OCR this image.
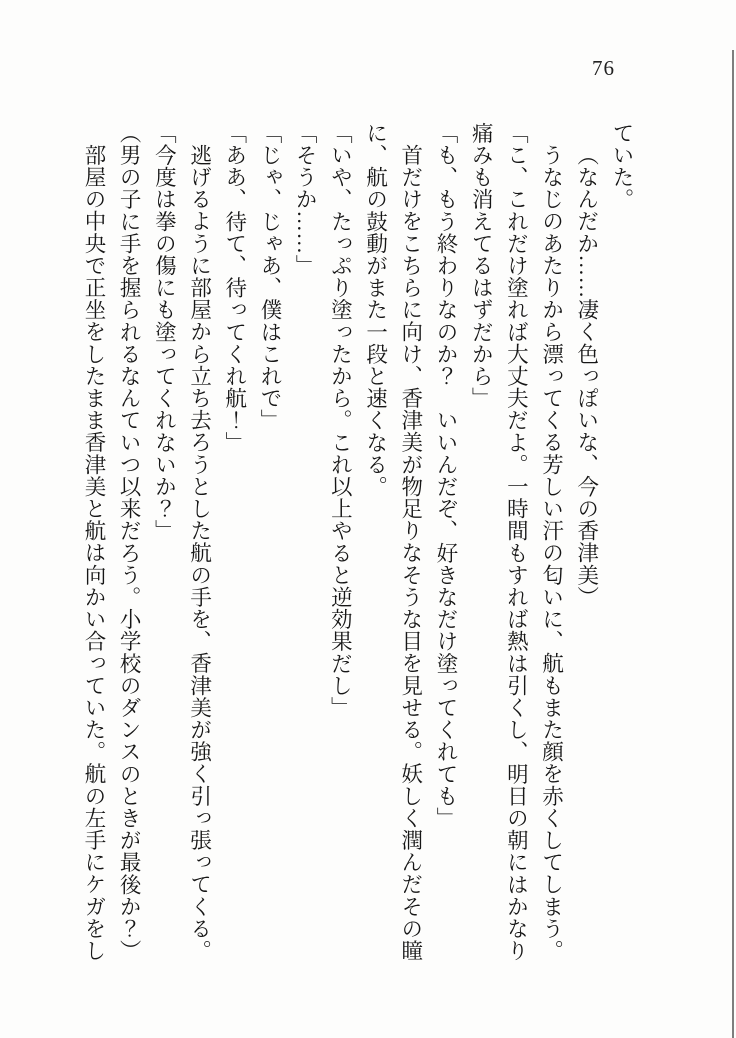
76

ていた。

（なんだか……凄く色っぽいな、今の香津美）

うなじのあたりから漂ってくる芳しい汗の匂いに、航もまた顔を赤くしてしまう。

「こ、これだけ塗れば大丈夫だよ。一時間もすれば熱は引くし、明日の朝にはかなり

痛みも消えてるはずだから」

「も、もう終わりなのか？　いいんだぞ、好きなだけ塗ってくれても」

首だけをこちらに向け、香津美が物足りなそうな目を見せる。妖しく潤んだその瞳

に、航の鼓動がまた一段と速くなる。

「いや、たっぷり塗ったから。これ以上やると逆効果だし」

「そうか……」

「じゃ、じゃあ、僕はこれで」

「ああ、待て、待ってくれ航！」

逃げるように部屋から立ち去ろうとした航の手を、香津美が強く引っ張ってくる。

「今度は拳の傷にも塗ってくれないか？」

（男の子に手を握られるなんていつ以来だろう。小学校のダンスのときが最後か？）

部屋の中央で正坐をしたまま香津美と航は向かい合っていた。航の左手にケガをし
